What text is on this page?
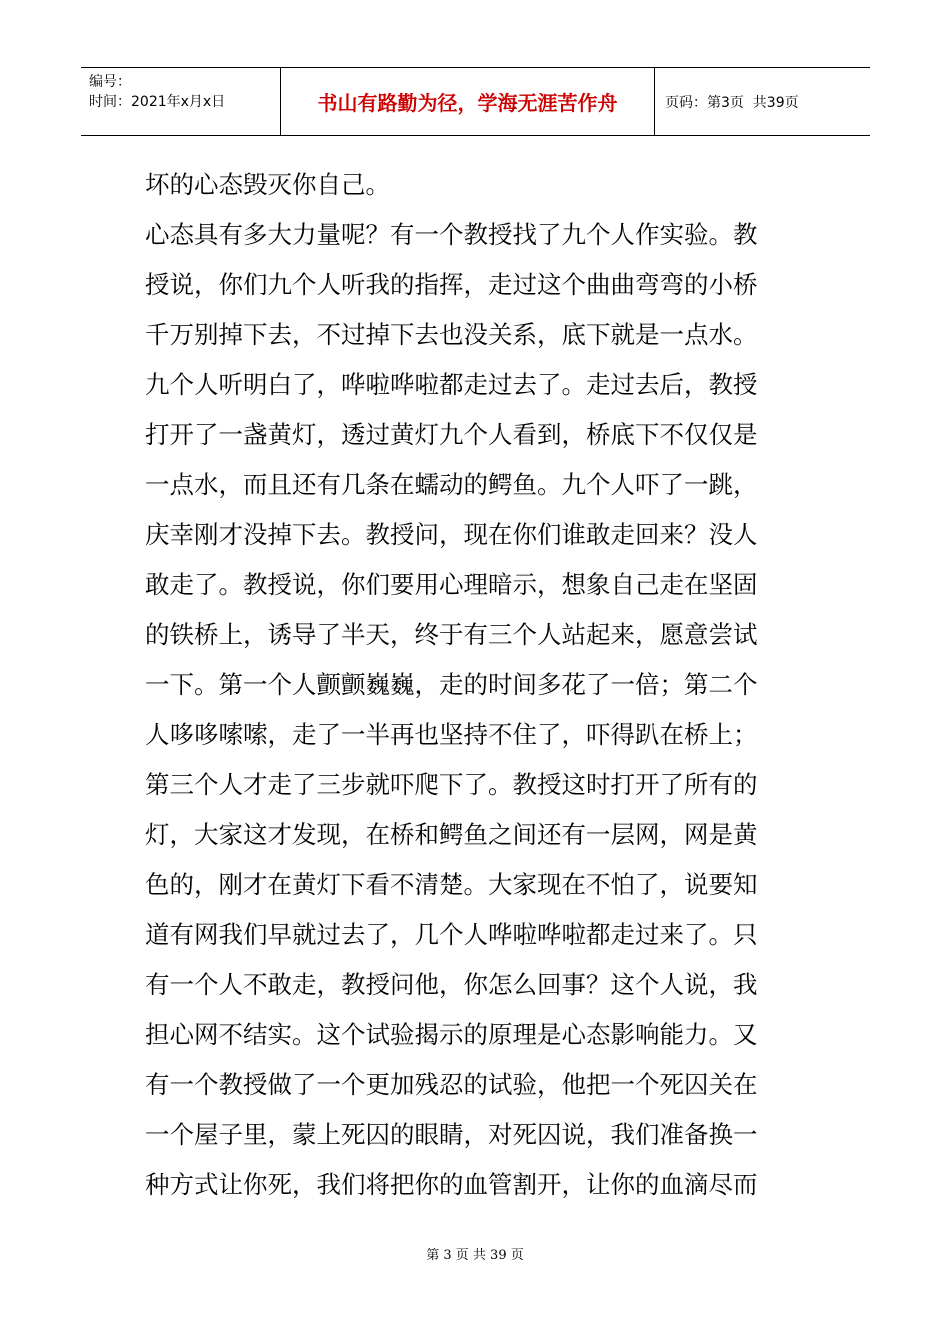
编号：
时间：2021年x月x日	书山有路勤为径，学海无涯苦作舟	页码：第3页  共39页
坏的心态毁灭你自己。
心态具有多大力量呢？有一个教授找了九个人作实验。教
授说，你们九个人听我的指挥，走过这个曲曲弯弯的小桥
千万别掉下去，不过掉下去也没关系，底下就是一点水。
九个人听明白了，哗啦哗啦都走过去了。走过去后，教授
打开了一盏黄灯，透过黄灯九个人看到，桥底下不仅仅是
一点水，而且还有几条在蠕动的鳄鱼。九个人吓了一跳，
庆幸刚才没掉下去。教授问，现在你们谁敢走回来？没人
敢走了。教授说，你们要用心理暗示，想象自己走在坚固
的铁桥上，诱导了半天，终于有三个人站起来，愿意尝试
一下。第一个人颤颤巍巍，走的时间多花了一倍；第二个
人哆哆嗦嗦，走了一半再也坚持不住了，吓得趴在桥上；
第三个人才走了三步就吓爬下了。教授这时打开了所有的
灯，大家这才发现，在桥和鳄鱼之间还有一层网，网是黄
色的，刚才在黄灯下看不清楚。大家现在不怕了，说要知
道有网我们早就过去了，几个人哗啦哗啦都走过来了。只
有一个人不敢走，教授问他，你怎么回事？这个人说，我
担心网不结实。这个试验揭示的原理是心态影响能力。又
有一个教授做了一个更加残忍的试验，他把一个死囚关在
一个屋子里，蒙上死囚的眼睛，对死囚说，我们准备换一
种方式让你死，我们将把你的血管割开，让你的血滴尽而
第 3 页 共 39 页
